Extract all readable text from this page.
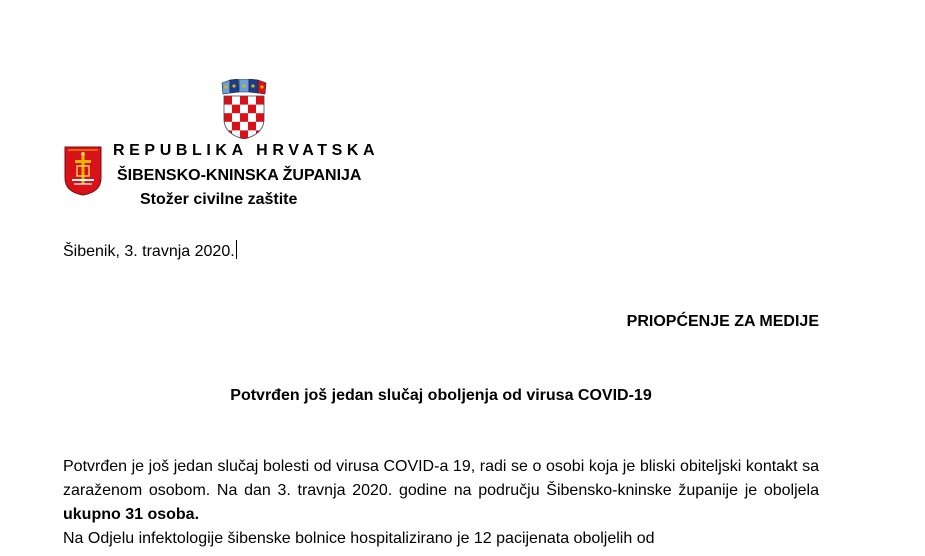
REPUBLIKA HRVATSKA
ŠIBENSKO-KNINSKA ŽUPANIJA
Stožer civilne zaštite
Šibenik, 3. travnja 2020.
PRIOPĆENJE ZA MEDIJE
Potvrđen još jedan slučaj oboljenja od virusa COVID-19

Potvrđen je još jedan slučaj bolesti od virusa COVID-a 19, radi se o osobi koja je bliski obiteljski kontakt sa zaraženom osobom. Na dan 3. travnja 2020. godine na području Šibensko-kninske županije je oboljela ukupno 31 osoba.

Na Odjelu infektologije šibenske bolnice hospitalizirano je 12 pacijenata oboljelih od
